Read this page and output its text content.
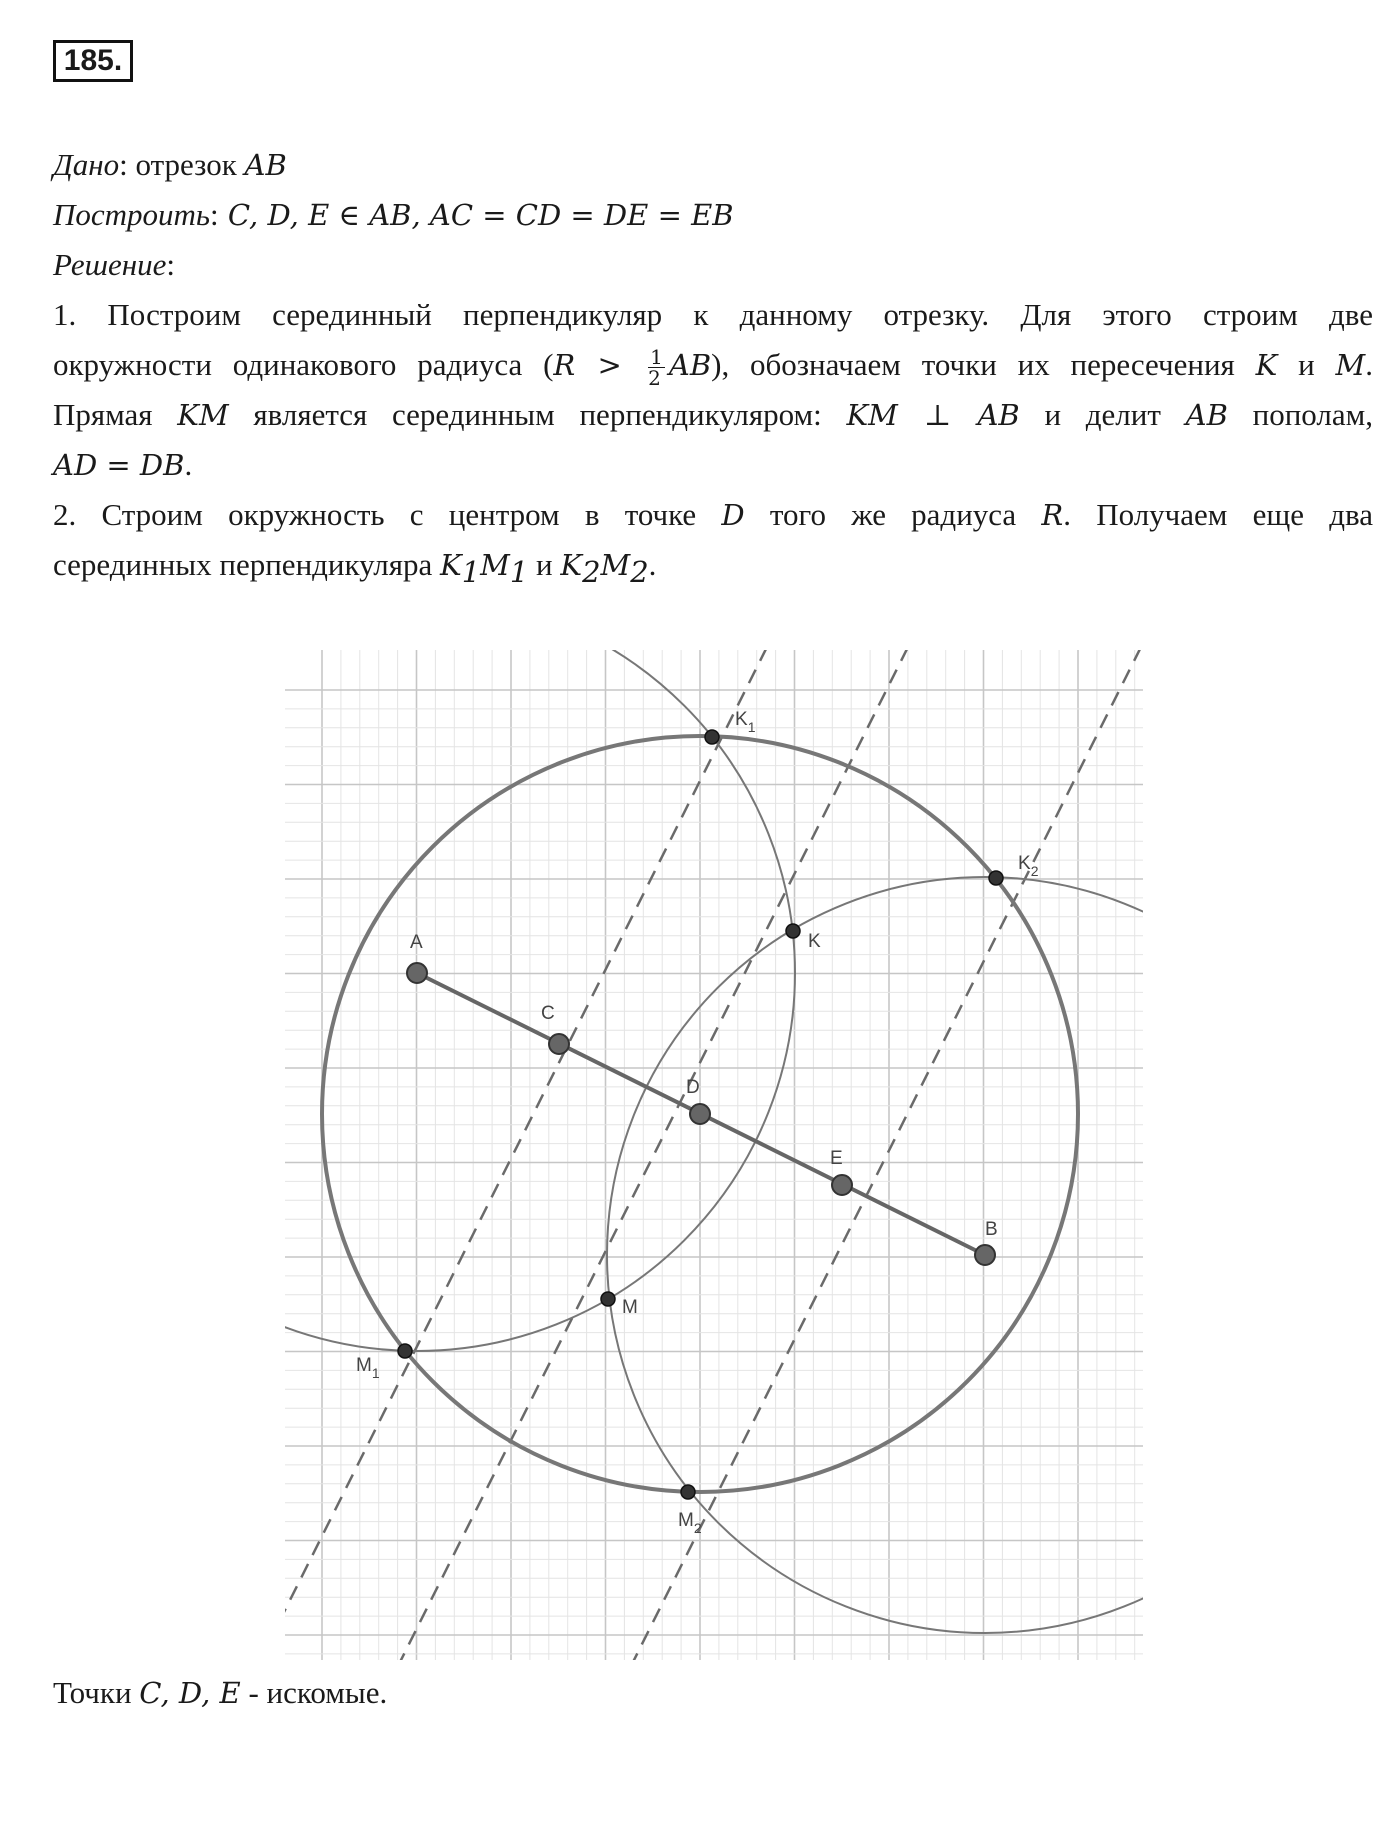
185.
Дано: отрезок AB
Построить: C, D, E ∈ AB, AC = CD = DE = EB
Решение:
1. Построим серединный перпендикуляр к данному отрезку. Для этого строим две
окружности одинакового радиуса $(R > \frac{1}{2} AB)$, обозначаем точки их пересечения K и M.
Прямая KM является серединным перпендикуляром: KM ⊥ AB и делит AB пополам,
AD = DB.
2. Строим окружность с центром в точке D того же радиуса R. Получаем еще два
серединных перпендикуляра $K_1M_1$ и $K_2M_2$.
A
C
D
E
B
K
M
$K_1$
$K_2$
$M_1$
$M_2$
Точки C, D, E - искомые.
